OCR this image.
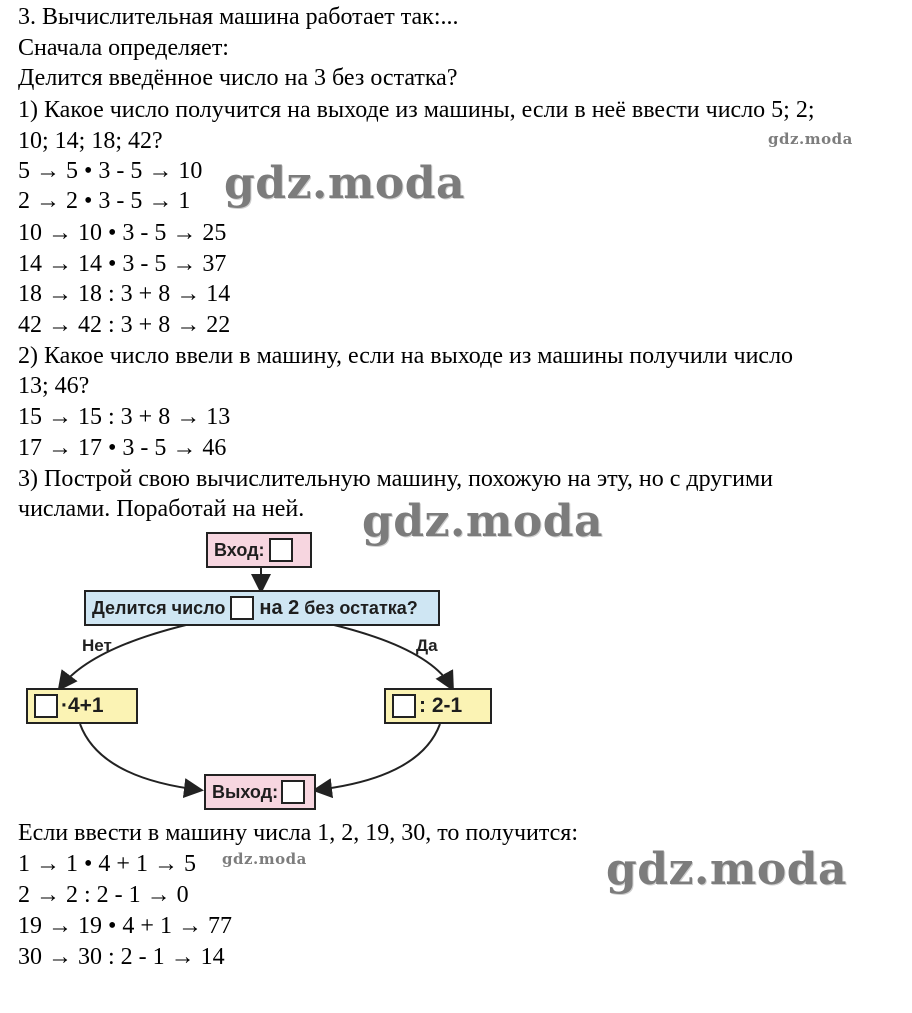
3. Вычислительная машина работает так:...
Сначала определяет:
Делится введённое число на 3 без остатка?
1) Какое число получится на выходе из машины, если в неё ввести число 5; 2;
10; 14; 18; 42?
5 → 5 • 3 - 5 → 10
2 → 2 • 3 - 5 → 1
10 → 10 • 3 - 5 → 25
14 → 14 • 3 - 5 → 37
18 → 18 : 3 + 8 → 14
42 → 42 : 3 + 8 → 22
2) Какое число ввели в машину, если на выходе из машины получили число
13; 46?
15 → 15 : 3 + 8 → 13
17 → 17 • 3 - 5 → 46
3) Построй свою вычислительную машину, похожую на эту, но с другими
числами. Поработай на ней.
Вход:
Делится число на 2 без остатка?
Нет	Да
·4+1	: 2-1
Выход:
Если ввести в машину числа 1, 2, 19, 30, то получится:
1 → 1 • 4 + 1 → 5
2 → 2 : 2 - 1 → 0
19 → 19 • 4 + 1 → 77
30 → 30 : 2 - 1 → 14
gdz.moda
gdz.moda
gdz.moda
gdz.moda	gdz.moda
